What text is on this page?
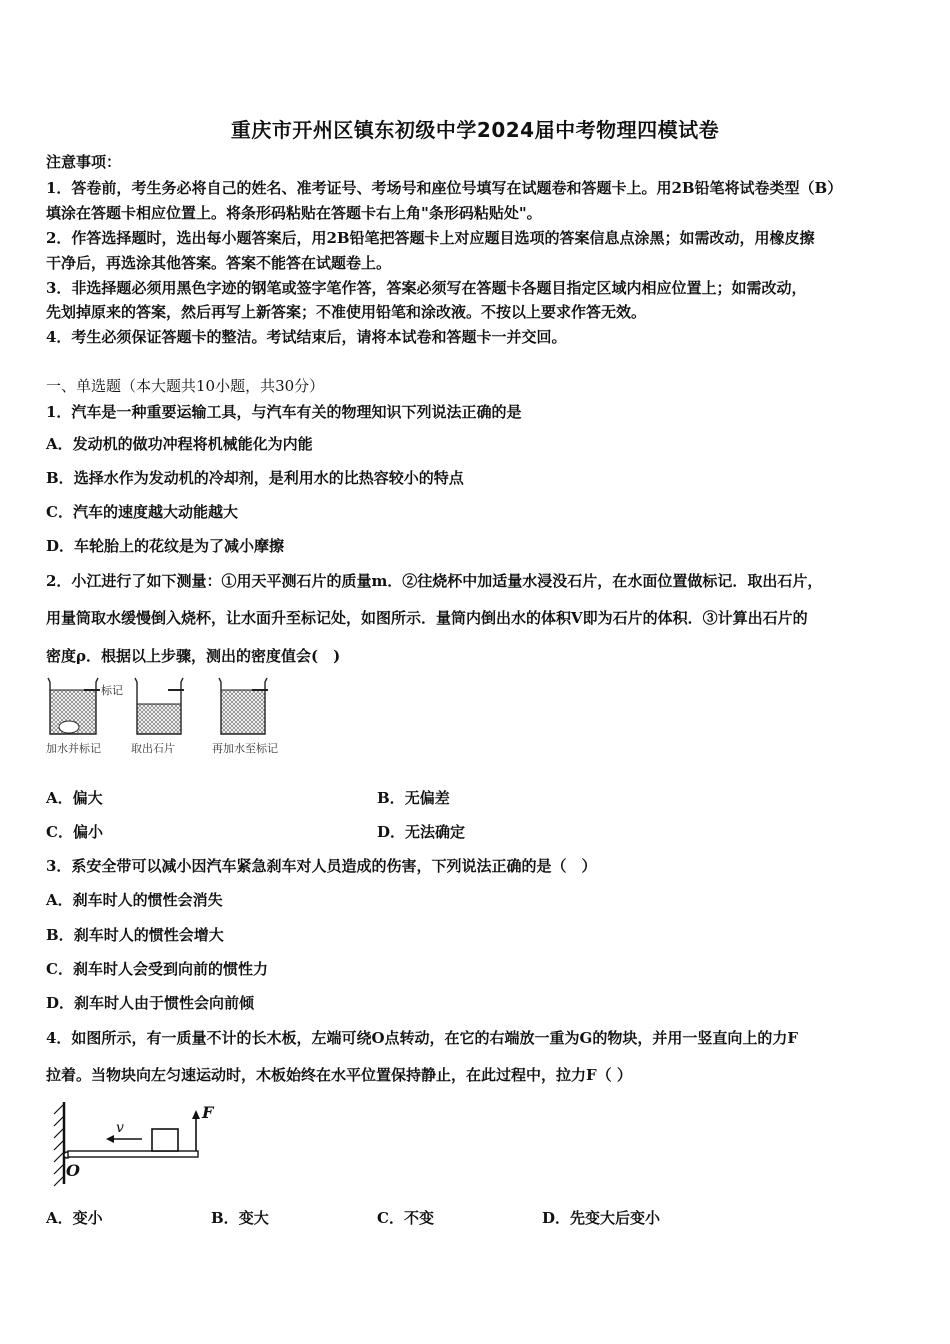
重庆市开州区镇东初级中学2024届中考物理四模试卷
注意事项：
1．答卷前，考生务必将自己的姓名、准考证号、考场号和座位号填写在试题卷和答题卡上。用2B铅笔将试卷类型（B）
填涂在答题卡相应位置上。将条形码粘贴在答题卡右上角"条形码粘贴处"。
2．作答选择题时，选出每小题答案后，用2B铅笔把答题卡上对应题目选项的答案信息点涂黑；如需改动，用橡皮擦
干净后，再选涂其他答案。答案不能答在试题卷上。
3．非选择题必须用黑色字迹的钢笔或签字笔作答，答案必须写在答题卡各题目指定区域内相应位置上；如需改动，
先划掉原来的答案，然后再写上新答案；不准使用铅笔和涂改液。不按以上要求作答无效。
4．考生必须保证答题卡的整洁。考试结束后，请将本试卷和答题卡一并交回。
一、单选题（本大题共10小题，共30分）
1．汽车是一种重要运输工具，与汽车有关的物理知识下列说法正确的是
A．发动机的做功冲程将机械能化为内能
B．选择水作为发动机的冷却剂，是利用水的比热容较小的特点
C．汽车的速度越大动能越大
D．车轮胎上的花纹是为了减小摩擦
2．小江进行了如下测量：①用天平测石片的质量m．②往烧杯中加适量水浸没石片，在水面位置做标记．取出石片，
用量筒取水缓慢倒入烧杯，让水面升至标记处，如图所示．量筒内倒出水的体积V即为石片的体积．③计算出石片的
密度ρ．根据以上步骤，测出的密度值会(　)
标记
加水并标记	取出石片	再加水至标记
A．偏大	B．无偏差
C．偏小	D．无法确定
3．系安全带可以减小因汽车紧急刹车对人员造成的伤害，下列说法正确的是（　）
A．刹车时人的惯性会消失
B．刹车时人的惯性会增大
C．刹车时人会受到向前的惯性力
D．刹车时人由于惯性会向前倾
4．如图所示，有一质量不计的长木板，左端可绕O点转动，在它的右端放一重为G的物块，并用一竖直向上的力F
拉着。当物块向左匀速运动时，木板始终在水平位置保持静止，在此过程中，拉力F（ ）
v
F
O
A．变小	B．变大	C．不变	D．先变大后变小
